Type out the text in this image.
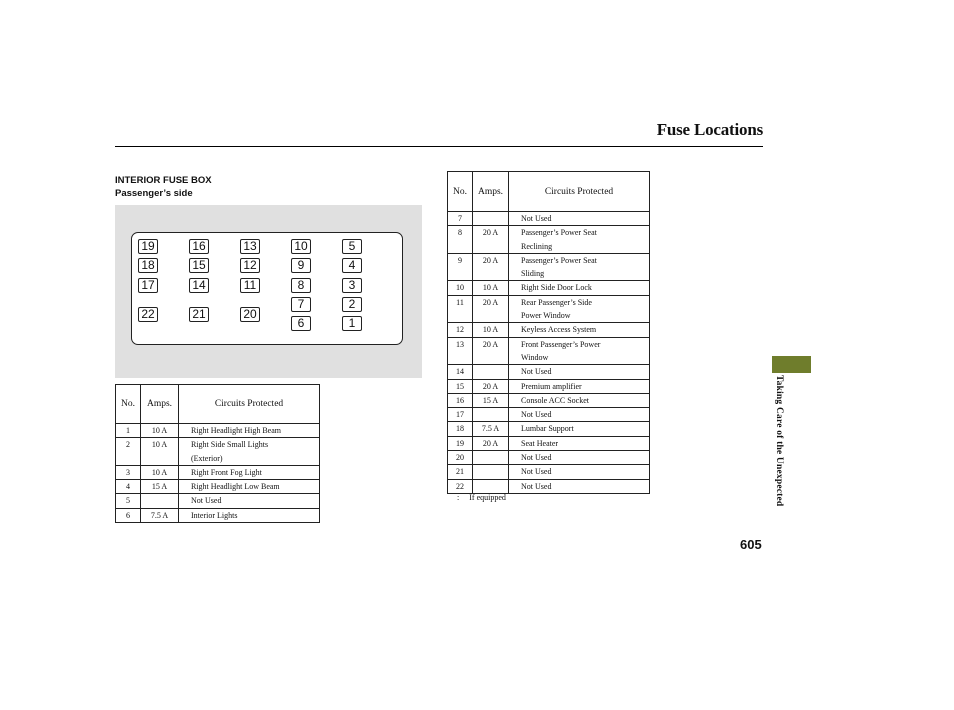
Fuse Locations
INTERIOR FUSE BOX
Passenger’s side
19	16	13	10	5
18	15	12	9	4
17	14	11	8	3
7	2
22	21	20
6	1
No.	Amps.	Circuits Protected
1	10 A	Right Headlight High Beam
2	10 A	Right Side Small Lights
(Exterior)

3	10 A	Right Front Fog Light
4	15 A	Right Headlight Low Beam
5		Not Used
6	7.5 A	Interior Lights
No.	Amps.	Circuits Protected
7		Not Used
8	20 A	Passenger’s Power Seat
Reclining

9	20 A	Passenger’s Power Seat
Sliding

10	10 A	Right Side Door Lock
11	20 A	Rear Passenger’s Side
Power Window

12	10 A	Keyless Access System
13	20 A	Front Passenger’s Power
Window

14		Not Used
15	20 A	Premium amplifier
16	15 A	Console ACC Socket
17		Not Used
18	7.5 A	Lumbar Support
19	20 A	Seat Heater
20		Not Used
21		Not Used
22		Not Used
: If equipped	Taking Care of the Unexpected
605
